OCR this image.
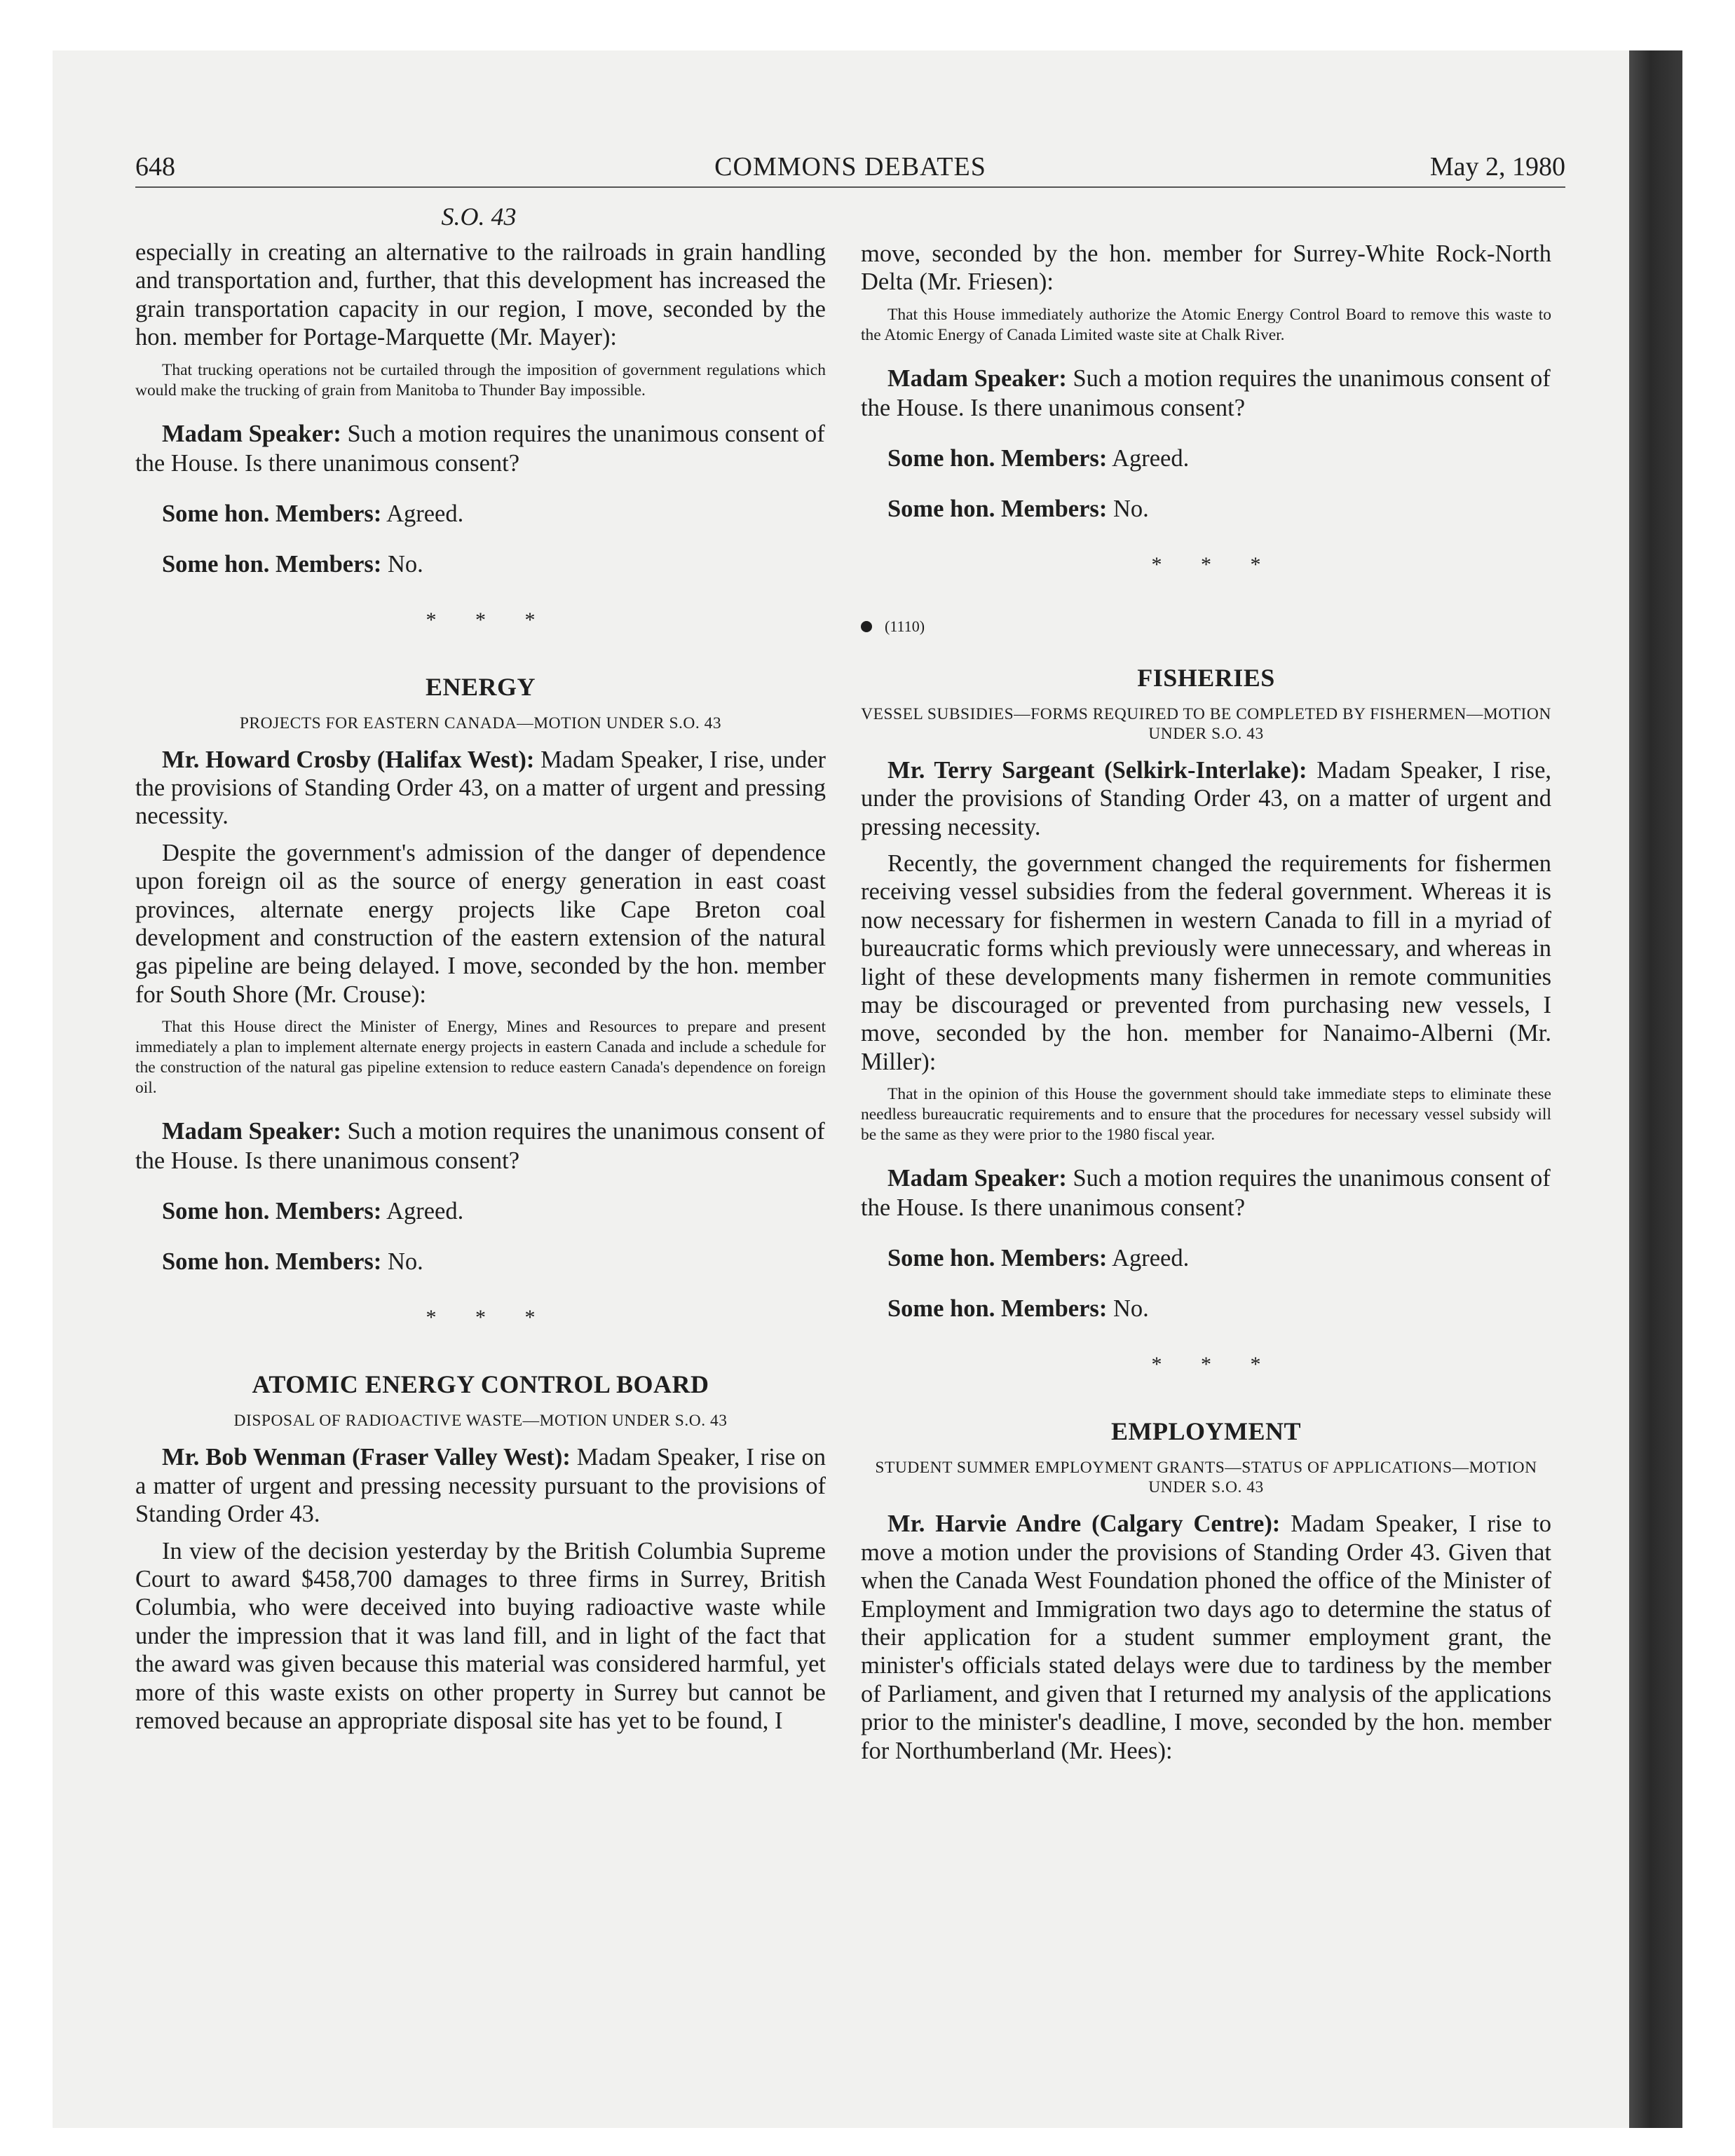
648	COMMONS DEBATES	May 2, 1980
S.O. 43

especially in creating an alternative to the railroads in grain handling and transportation and, further, that this development has increased the grain transportation capacity in our region, I move, seconded by the hon. member for Portage-Marquette (Mr. Mayer):

That trucking operations not be curtailed through the imposition of government regulations which would make the trucking of grain from Manitoba to Thunder Bay impossible.

Madam Speaker: Such a motion requires the unanimous consent of the House. Is there unanimous consent?

Some hon. Members: Agreed.

Some hon. Members: No.

* * *
ENERGY
PROJECTS FOR EASTERN CANADA—MOTION UNDER S.O. 43

Mr. Howard Crosby (Halifax West): Madam Speaker, I rise, under the provisions of Standing Order 43, on a matter of urgent and pressing necessity.

Despite the government's admission of the danger of dependence upon foreign oil as the source of energy generation in east coast provinces, alternate energy projects like Cape Breton coal development and construction of the eastern extension of the natural gas pipeline are being delayed. I move, seconded by the hon. member for South Shore (Mr. Crouse):

That this House direct the Minister of Energy, Mines and Resources to prepare and present immediately a plan to implement alternate energy projects in eastern Canada and include a schedule for the construction of the natural gas pipeline extension to reduce eastern Canada's dependence on foreign oil.

Madam Speaker: Such a motion requires the unanimous consent of the House. Is there unanimous consent?

Some hon. Members: Agreed.

Some hon. Members: No.

* * *
ATOMIC ENERGY CONTROL BOARD
DISPOSAL OF RADIOACTIVE WASTE—MOTION UNDER S.O. 43

Mr. Bob Wenman (Fraser Valley West): Madam Speaker, I rise on a matter of urgent and pressing necessity pursuant to the provisions of Standing Order 43.

In view of the decision yesterday by the British Columbia Supreme Court to award $458,700 damages to three firms in Surrey, British Columbia, who were deceived into buying radioactive waste while under the impression that it was land fill, and in light of the fact that the award was given because this material was considered harmful, yet more of this waste exists on other property in Surrey but cannot be removed because an appropriate disposal site has yet to be found, I

move, seconded by the hon. member for Surrey-White Rock-North Delta (Mr. Friesen):

That this House immediately authorize the Atomic Energy Control Board to remove this waste to the Atomic Energy of Canada Limited waste site at Chalk River.

Madam Speaker: Such a motion requires the unanimous consent of the House. Is there unanimous consent?

Some hon. Members: Agreed.

Some hon. Members: No.

* * *
(1110)
FISHERIES
VESSEL SUBSIDIES—FORMS REQUIRED TO BE COMPLETED BY FISHERMEN—MOTION UNDER S.O. 43

Mr. Terry Sargeant (Selkirk-Interlake): Madam Speaker, I rise, under the provisions of Standing Order 43, on a matter of urgent and pressing necessity.

Recently, the government changed the requirements for fishermen receiving vessel subsidies from the federal government. Whereas it is now necessary for fishermen in western Canada to fill in a myriad of bureaucratic forms which previously were unnecessary, and whereas in light of these developments many fishermen in remote communities may be discouraged or prevented from purchasing new vessels, I move, seconded by the hon. member for Nanaimo-Alberni (Mr. Miller):

That in the opinion of this House the government should take immediate steps to eliminate these needless bureaucratic requirements and to ensure that the procedures for necessary vessel subsidy will be the same as they were prior to the 1980 fiscal year.

Madam Speaker: Such a motion requires the unanimous consent of the House. Is there unanimous consent?

Some hon. Members: Agreed.

Some hon. Members: No.

* * *
EMPLOYMENT
STUDENT SUMMER EMPLOYMENT GRANTS—STATUS OF APPLICATIONS—MOTION UNDER S.O. 43

Mr. Harvie Andre (Calgary Centre): Madam Speaker, I rise to move a motion under the provisions of Standing Order 43. Given that when the Canada West Foundation phoned the office of the Minister of Employment and Immigration two days ago to determine the status of their application for a student summer employment grant, the minister's officials stated delays were due to tardiness by the member of Parliament, and given that I returned my analysis of the applications prior to the minister's deadline, I move, seconded by the hon. member for Northumberland (Mr. Hees):
